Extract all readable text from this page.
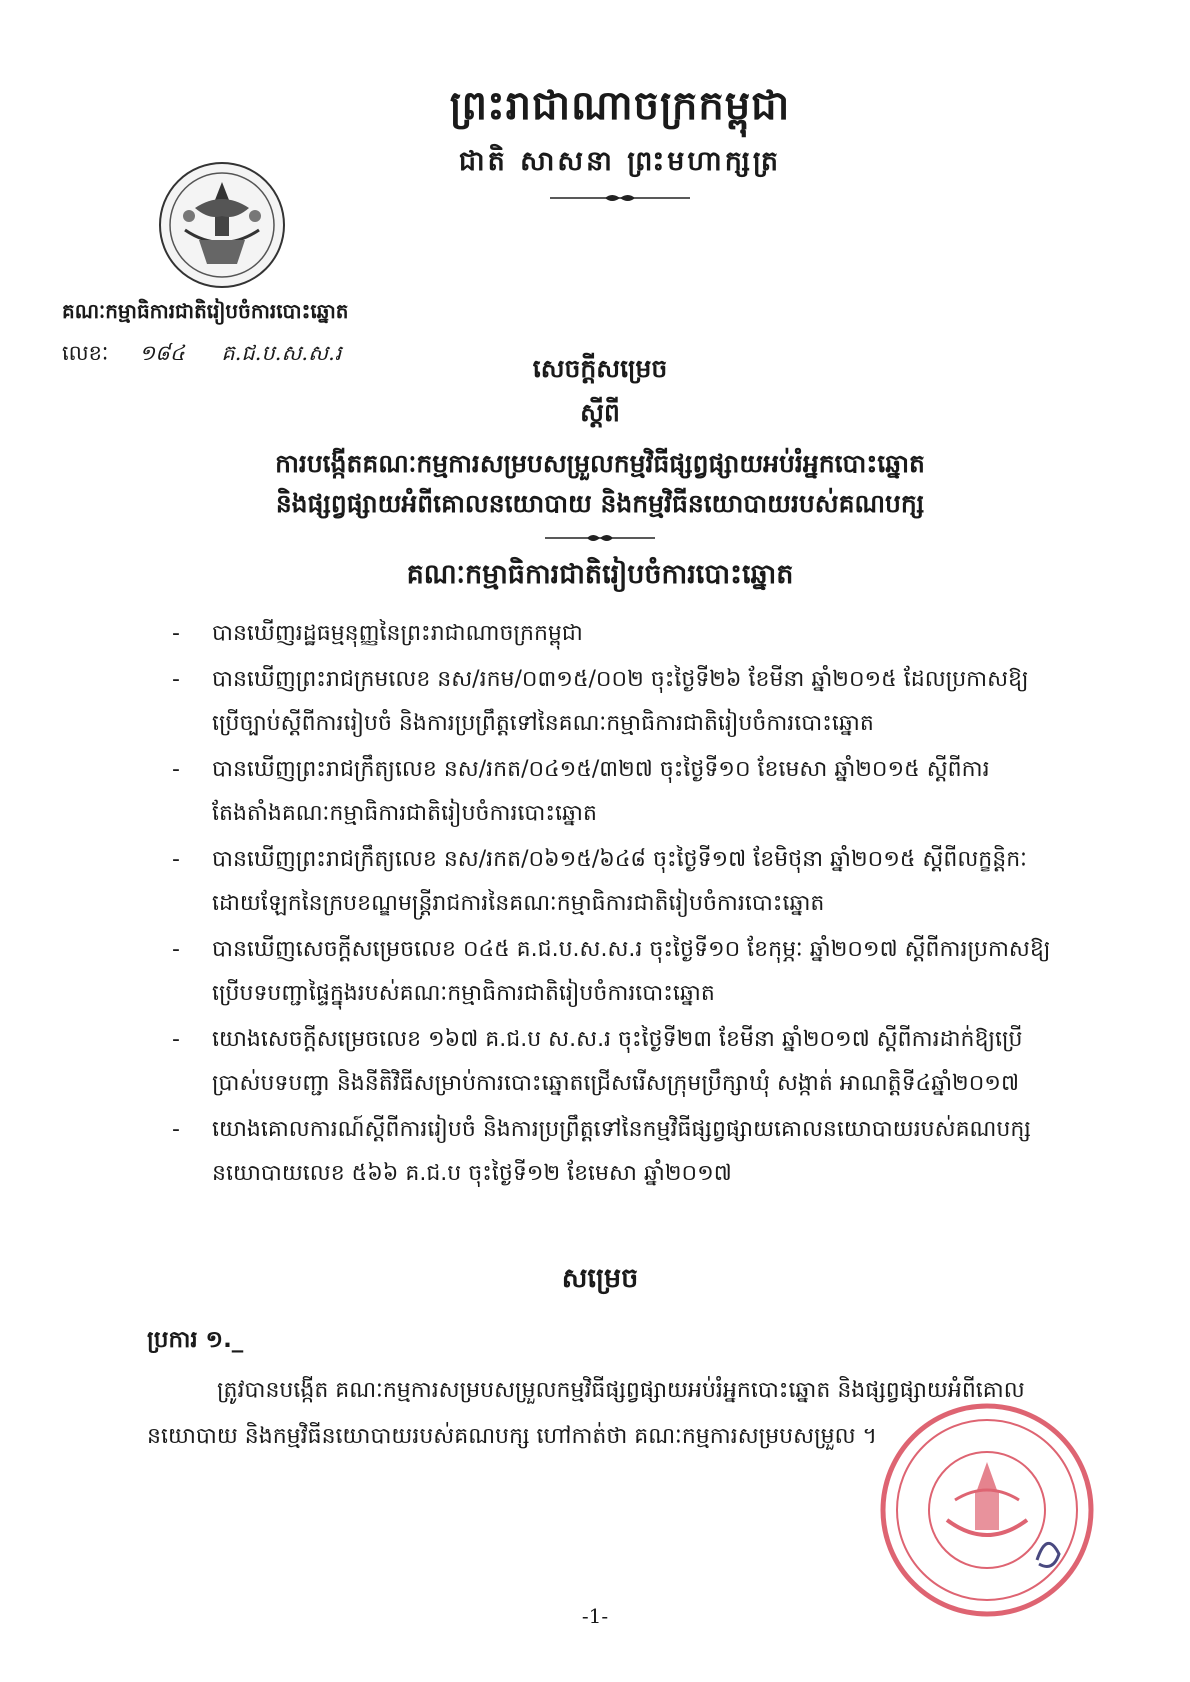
ព្រះរាជាណាចក្រកម្ពុជា
ជាតិ សាសនា ព្រះមហាក្សត្រ
គណៈកម្មាធិការជាតិរៀបចំការបោះឆ្នោត
លេខៈ ១៨៤ គ.ជ.ប.ស.ស.រ
សេចក្ដីសម្រេច
ស្ដីពី
ការបង្កើតគណៈកម្មការសម្របសម្រួលកម្មវិធីផ្សព្វផ្សាយអប់រំអ្នកបោះឆ្នោត
និងផ្សព្វផ្សាយអំពីគោលនយោបាយ និងកម្មវិធីនយោបាយរបស់គណបក្ស
គណៈកម្មាធិការជាតិរៀបចំការបោះឆ្នោត
- បានឃើញរដ្ឋធម្មនុញ្ញនៃព្រះរាជាណាចក្រកម្ពុជា
- បានឃើញព្រះរាជក្រមលេខ នស/រកម/០៣១៥/០០២ ចុះថ្ងៃទី២៦ ខែមីនា ឆ្នាំ២០១៥ ដែលប្រកាសឱ្យប្រើច្បាប់ស្ដីពីការរៀបចំ និងការប្រព្រឹត្តទៅនៃគណៈកម្មាធិការជាតិរៀបចំការបោះឆ្នោត
- បានឃើញព្រះរាជក្រឹត្យលេខ នស/រកត/០៤១៥/៣២៧ ចុះថ្ងៃទី១០ ខែមេសា ឆ្នាំ២០១៥ ស្ដីពីការតែងតាំងគណៈកម្មាធិការជាតិរៀបចំការបោះឆ្នោត
- បានឃើញព្រះរាជក្រឹត្យលេខ នស/រកត/០៦១៥/៦៤៨ ចុះថ្ងៃទី១៧ ខែមិថុនា ឆ្នាំ២០១៥ ស្ដីពីលក្ខន្តិកៈដោយឡែកនៃក្របខណ្ឌមន្ត្រីរាជការនៃគណៈកម្មាធិការជាតិរៀបចំការបោះឆ្នោត
- បានឃើញសេចក្ដីសម្រេចលេខ ០៤៥ គ.ជ.ប.ស.ស.រ ចុះថ្ងៃទី១០ ខែកុម្ភៈ ឆ្នាំ២០១៧ ស្ដីពីការប្រកាសឱ្យប្រើបទបញ្ជាផ្ទៃក្នុងរបស់គណៈកម្មាធិការជាតិរៀបចំការបោះឆ្នោត
- យោងសេចក្ដីសម្រេចលេខ ១៦៧ គ.ជ.ប ស.ស.រ ចុះថ្ងៃទី២៣ ខែមីនា ឆ្នាំ២០១៧ ស្ដីពីការដាក់ឱ្យប្រើប្រាស់បទបញ្ជា និងនីតិវិធីសម្រាប់ការបោះឆ្នោតជ្រើសរើសក្រុមប្រឹក្សាឃុំ សង្កាត់ អាណត្តិទី៤ឆ្នាំ២០១៧
- យោងគោលការណ៍ស្ដីពីការរៀបចំ និងការប្រព្រឹត្តទៅនៃកម្មវិធីផ្សព្វផ្សាយគោលនយោបាយរបស់គណបក្សនយោបាយលេខ ៥៦៦ គ.ជ.ប ចុះថ្ងៃទី១២ ខែមេសា ឆ្នាំ២០១៧
សម្រេច
ប្រការ ១._
ត្រូវបានបង្កើត គណៈកម្មការសម្របសម្រួលកម្មវិធីផ្សព្វផ្សាយអប់រំអ្នកបោះឆ្នោត និងផ្សព្វផ្សាយអំពីគោលនយោបាយ និងកម្មវិធីនយោបាយរបស់គណបក្ស ហៅកាត់ថា គណៈកម្មការសម្របសម្រួល ។
-1-
